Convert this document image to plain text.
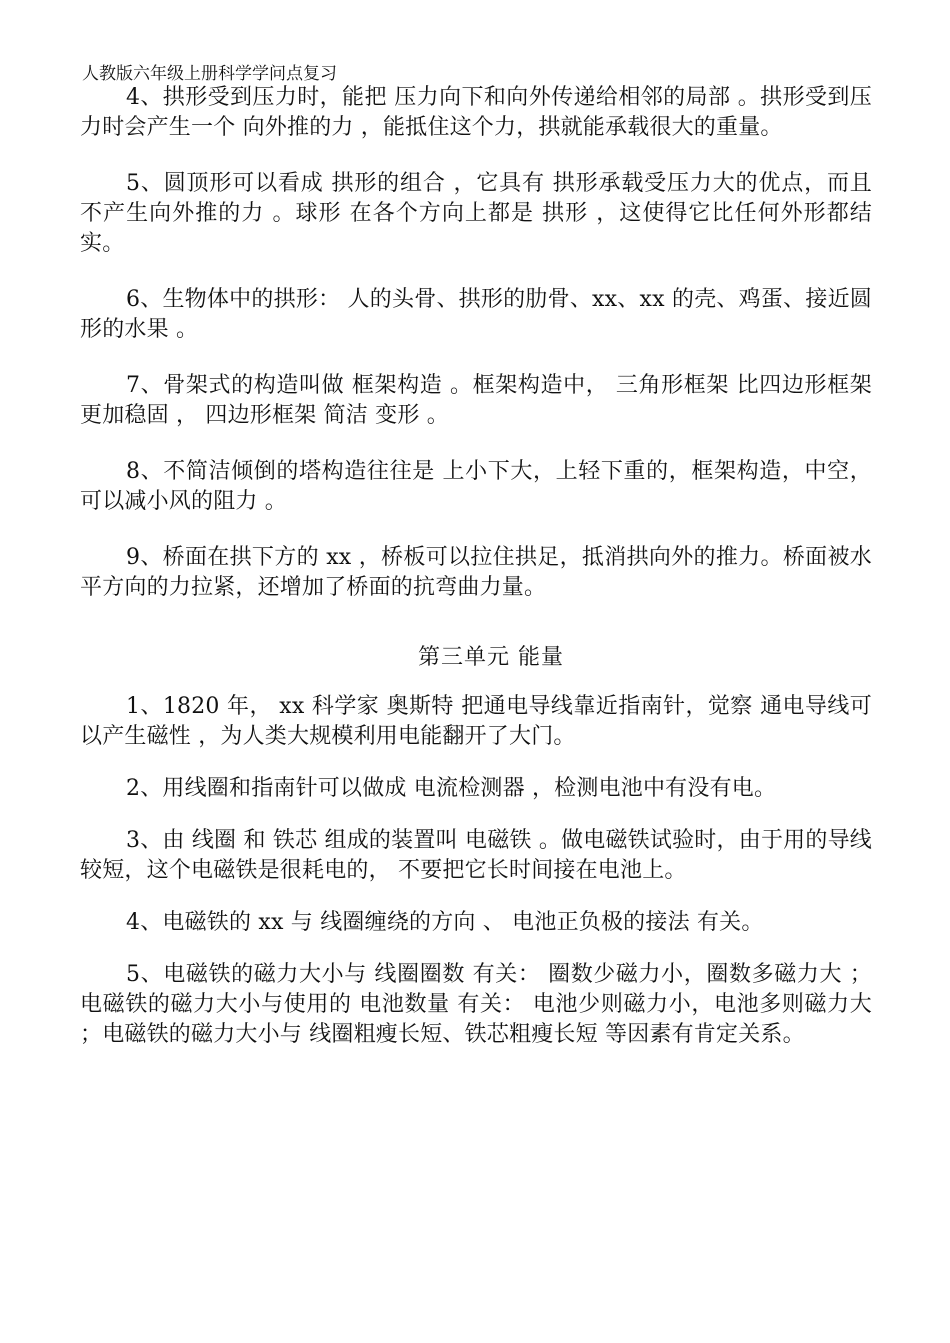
人教版六年级上册科学学问点复习

4、拱形受到压力时，能把 压力向下和向外传递给相邻的局部 。拱形受到压力时会产生一个 向外推的力 ，能抵住这个力，拱就能承载很大的重量。

5、圆顶形可以看成 拱形的组合 ，它具有 拱形承载受压力大的优点，而且不产生向外推的力 。球形 在各个方向上都是 拱形 ，这使得它比任何外形都结实。

6、生物体中的拱形： 人的头骨、拱形的肋骨、xx、xx 的壳、鸡蛋、接近圆形的水果 。

7、骨架式的构造叫做 框架构造 。框架构造中， 三角形框架 比四边形框架 更加稳固 ， 四边形框架 简洁 变形 。

8、不简洁倾倒的塔构造往往是 上小下大，上轻下重的，框架构造，中空，可以减小风的阻力 。

9、桥面在拱下方的 xx ，桥板可以拉住拱足，抵消拱向外的推力。桥面被水平方向的力拉紧，还增加了桥面的抗弯曲力量。

第三单元 能量

1、1820 年， xx 科学家 奥斯特 把通电导线靠近指南针，觉察 通电导线可以产生磁性 ，为人类大规模利用电能翻开了大门。

2、用线圈和指南针可以做成 电流检测器 ，检测电池中有没有电。

3、由 线圈 和 铁芯 组成的装置叫 电磁铁 。做电磁铁试验时，由于用的导线较短，这个电磁铁是很耗电的， 不要把它长时间接在电池上。

4、电磁铁的 xx 与 线圈缠绕的方向 、 电池正负极的接法 有关。

5、电磁铁的磁力大小与 线圈圈数 有关： 圈数少磁力小，圈数多磁力大 ；电磁铁的磁力大小与使用的 电池数量 有关： 电池少则磁力小，电池多则磁力大 ；电磁铁的磁力大小与 线圈粗瘦长短、铁芯粗瘦长短 等因素有肯定关系。
